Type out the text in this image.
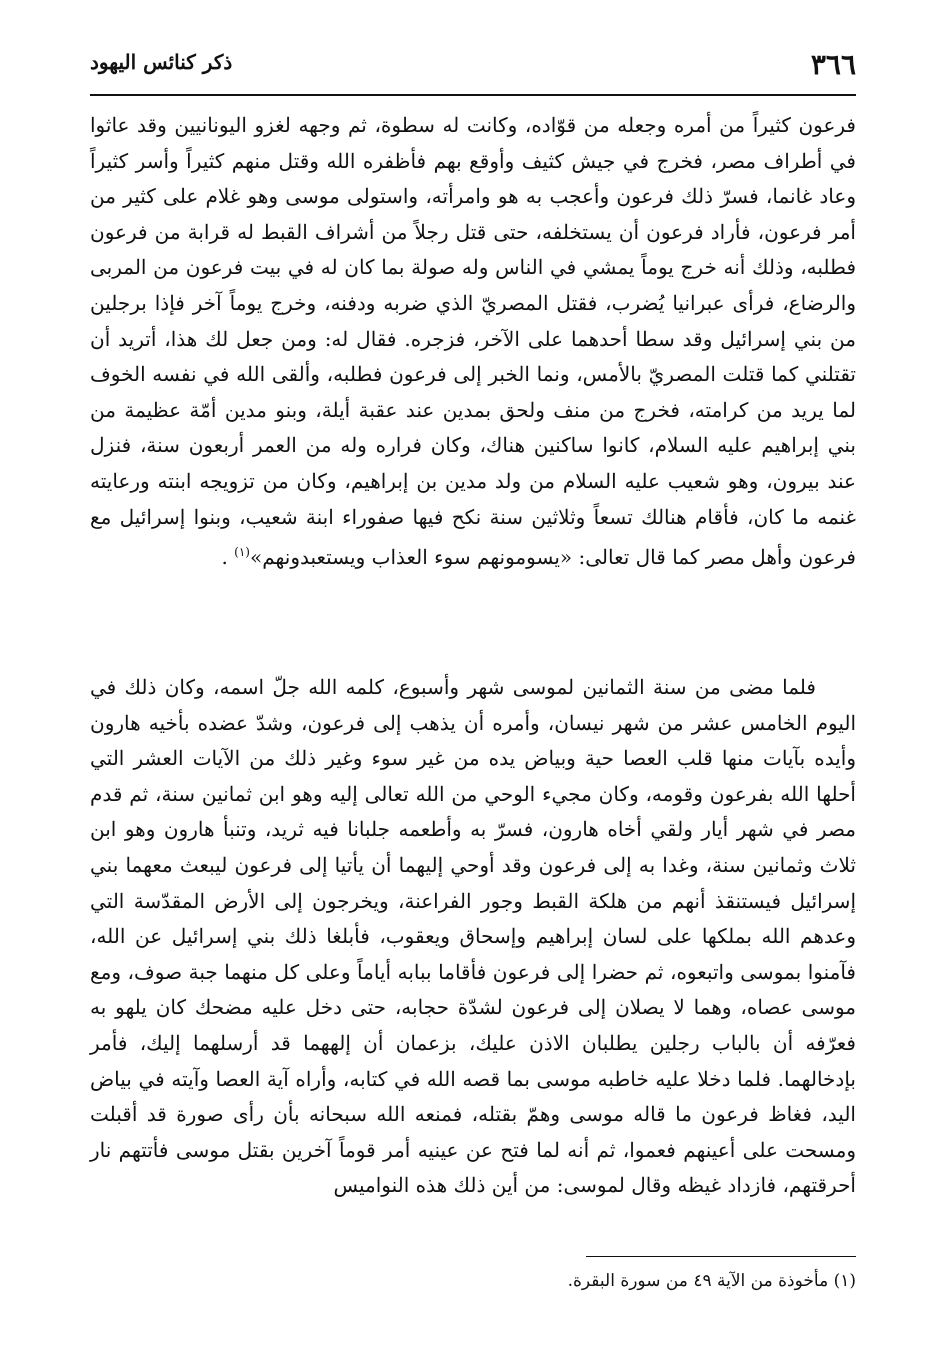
٣٦٦
ذكر كنائس اليهود

فرعون كثيراً من أمره وجعله من قوّاده، وكانت له سطوة، ثم وجهه لغزو اليونانيين وقد عاثوا في أطراف مصر، فخرج في جيش كثيف وأوقع بهم فأظفره الله وقتل منهم كثيراً وأسر كثيراً وعاد غانما، فسرّ ذلك فرعون وأعجب به هو وامرأته، واستولى موسى وهو غلام على كثير من أمر فرعون، فأراد فرعون أن يستخلفه، حتى قتل رجلاً من أشراف القبط له قرابة من فرعون فطلبه، وذلك أنه خرج يوماً يمشي في الناس وله صولة بما كان له في بيت فرعون من المربى والرضاع، فرأى عبرانيا يُضرب، فقتل المصريّ الذي ضربه ودفنه، وخرج يوماً آخر فإذا برجلين من بني إسرائيل وقد سطا أحدهما على الآخر، فزجره. فقال له: ومن جعل لك هذا، أتريد أن تقتلني كما قتلت المصريّ بالأمس، ونما الخبر إلى فرعون فطلبه، وألقى الله في نفسه الخوف لما يريد من كرامته، فخرج من منف ولحق بمدين عند عقبة أيلة، وبنو مدين أمّة عظيمة من بني إبراهيم عليه السلام، كانوا ساكنين هناك، وكان فراره وله من العمر أربعون سنة، فنزل عند بيرون، وهو شعيب عليه السلام من ولد مدين بن إبراهيم، وكان من تزويجه ابنته ورعايته غنمه ما كان، فأقام هنالك تسعاً وثلاثين سنة نكح فيها صفوراء ابنة شعيب، وبنوا إسرائيل مع فرعون وأهل مصر كما قال تعالى: «يسومونهم سوء العذاب ويستعبدونهم»$^{(١)}$ .

فلما مضى من سنة الثمانين لموسى شهر وأسبوع، كلمه الله جلّ اسمه، وكان ذلك في اليوم الخامس عشر من شهر نيسان، وأمره أن يذهب إلى فرعون، وشدّ عضده بأخيه هارون وأيده بآيات منها قلب العصا حية وبياض يده من غير سوء وغير ذلك من الآيات العشر التي أحلها الله بفرعون وقومه، وكان مجيء الوحي من الله تعالى إليه وهو ابن ثمانين سنة، ثم قدم مصر في شهر أيار ولقي أخاه هارون، فسرّ به وأطعمه جلبانا فيه ثريد، وتنبأ هارون وهو ابن ثلاث وثمانين سنة، وغدا به إلى فرعون وقد أوحي إليهما أن يأتيا إلى فرعون ليبعث معهما بني إسرائيل فيستنقذ أنهم من هلكة القبط وجور الفراعنة، ويخرجون إلى الأرض المقدّسة التي وعدهم الله بملكها على لسان إبراهيم وإسحاق ويعقوب، فأبلغا ذلك بني إسرائيل عن الله، فآمنوا بموسى واتبعوه، ثم حضرا إلى فرعون فأقاما ببابه أياماً وعلى كل منهما جبة صوف، ومع موسى عصاه، وهما لا يصلان إلى فرعون لشدّة حجابه، حتى دخل عليه مضحك كان يلهو به فعرّفه أن بالباب رجلين يطلبان الاذن عليك، بزعمان أن إلههما قد أرسلهما إليك، فأمر بإدخالهما. فلما دخلا عليه خاطبه موسى بما قصه الله في كتابه، وأراه آية العصا وآيته في بياض اليد، فغاظ فرعون ما قاله موسى وهمّ بقتله، فمنعه الله سبحانه بأن رأى صورة قد أقبلت ومسحت على أعينهم فعموا، ثم أنه لما فتح عن عينيه أمر قوماً آخرين بقتل موسى فأتتهم نار أحرقتهم، فازداد غيظه وقال لموسى: من أين ذلك هذه النواميس

(١) مأخوذة من الآية ٤٩ من سورة البقرة.
